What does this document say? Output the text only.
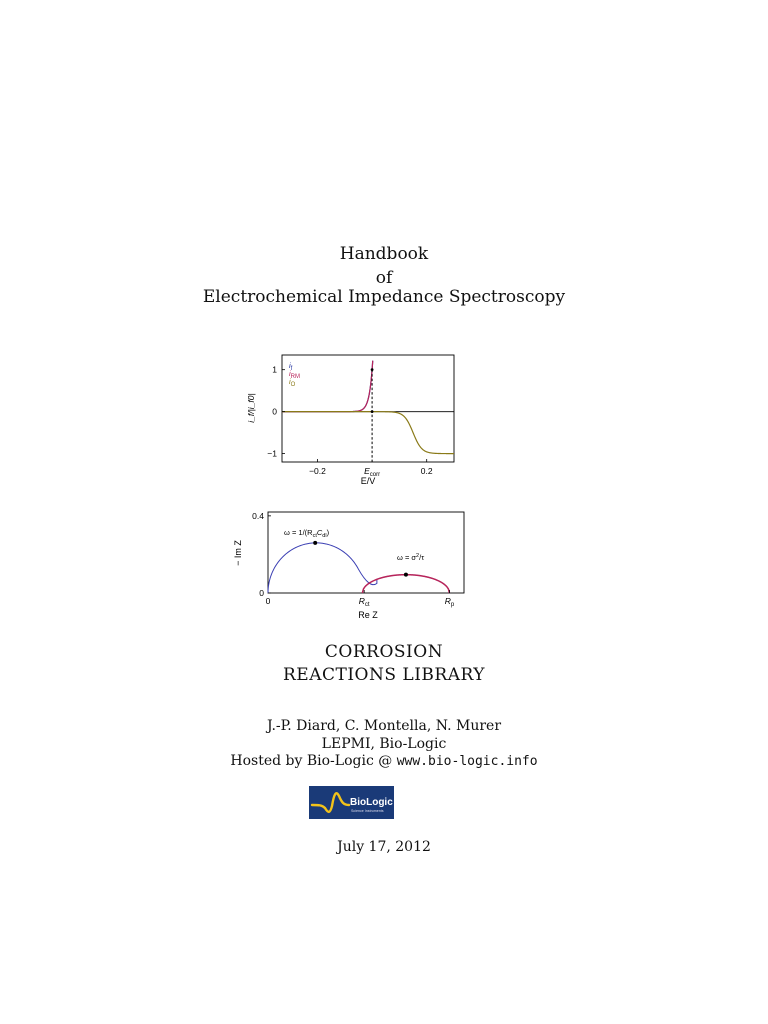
Handbook
of
Electrochemical Impedance Spectroscopy
−0.2	0.2
1
0
−1
$E_{corr}$
$i_f$
$i_{RM}$
$i_O$
i_f/|i_f0|
E/V
0.4
0
0	$R_{ct}$	$R_p$
$\omega = 1/(R_{ct}C_{dl})$
$\omega = \sigma^2/\tau$
− Im Z
Re Z
CORROSION
REACTIONS LIBRARY
J.-P. Diard, C. Montella, N. Murer
LEPMI, Bio-Logic
Hosted by Bio-Logic @ www.bio-logic.info
BioLogic
Science Instruments
July 17, 2012
